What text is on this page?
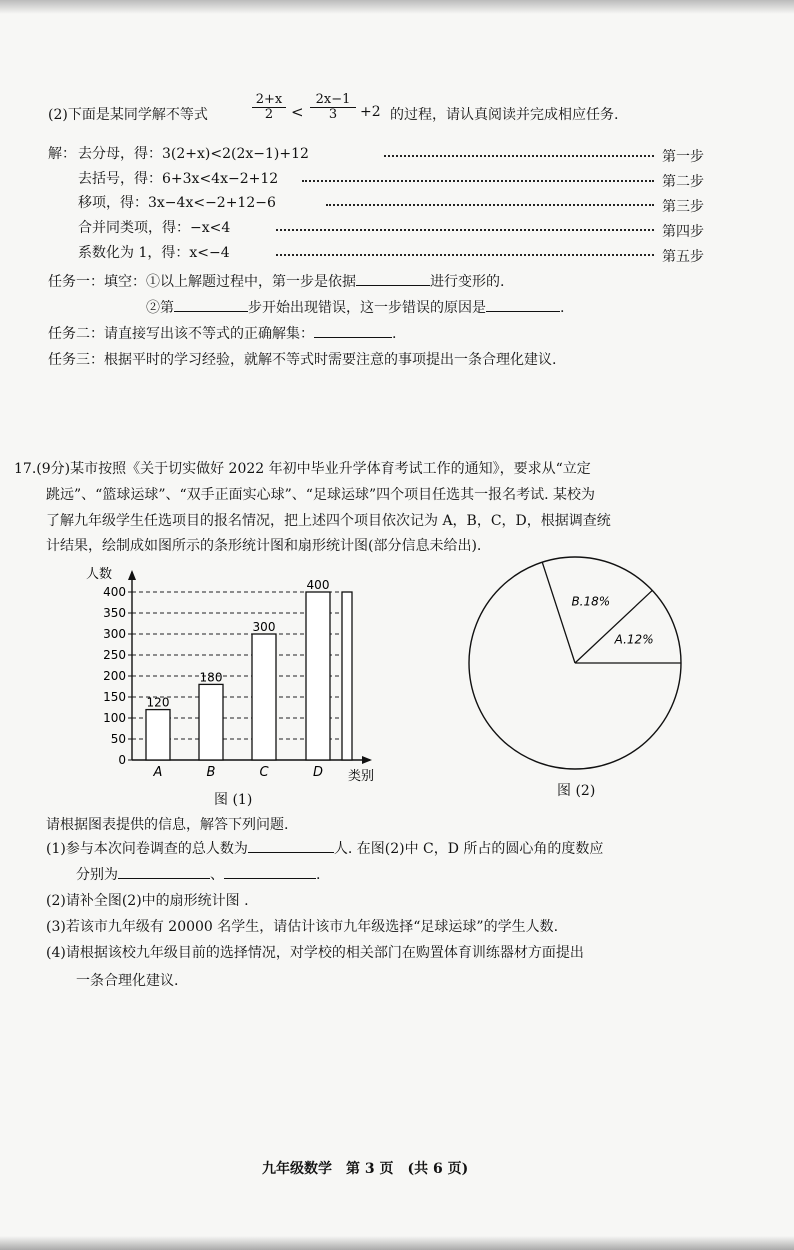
(2)下面是某同学解不等式	$\frac{2+x}{2} < \frac{2x-1}{3} +2$ 的过程，请认真阅读并完成相应任务.
解： 去分母，得：3(2+x)<2(2x−1)+12	第一步
去括号，得：6+3x<4x−2+12	第二步
移项，得：3x−4x<−2+12−6	第三步
合并同类项，得：−x<4	第四步
系数化为 1，得：x<−4	第五步
任务一：填空：①以上解题过程中，第一步是依据	进行变形的.
②第	步开始出现错误，这一步错误的原因是	.
任务二：请直接写出该不等式的正确解集：	.
任务三：根据平时的学习经验，就解不等式时需要注意的事项提出一条合理化建议.
17.(9分)某市按照《关于切实做好 2022 年初中毕业升学体育考试工作的通知》，要求从“立定
跳远”、“篮球运球”、“双手正面实心球”、“足球运球”四个项目任选其一报名考试. 某校为
了解九年级学生任选项目的报名情况，把上述四个项目依次记为 A，B，C，D，根据调查统
计结果，绘制成如图所示的条形统计图和扇形统计图(部分信息未给出).
0
50
100
150
200
250
300
350
400
人数
类别
120
A
180
B
300
C
400
D
图 (1)
A.12%
B.18%
图 (2)
请根据图表提供的信息，解答下列问题.
(1)参与本次问卷调查的总人数为	人. 在图(2)中 C，D 所占的圆心角的度数应
分别为	、	.
(2)请补全图(2)中的扇形统计图 .
(3)若该市九年级有 20000 名学生，请估计该市九年级选择“足球运球”的学生人数.
(4)请根据该校九年级目前的选择情况，对学校的相关部门在购置体育训练器材方面提出
一条合理化建议.
九年级数学　第 3 页　(共 6 页)
